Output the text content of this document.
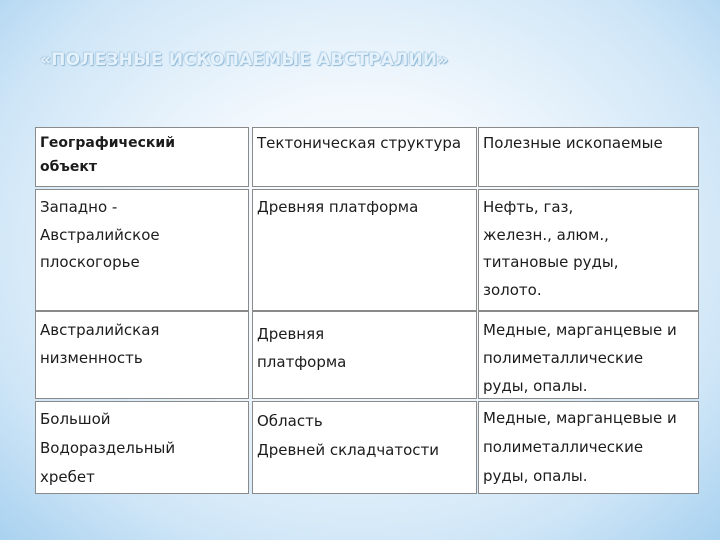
«ПОЛЕЗНЫЕ ИСКОПАЕМЫЕ АВСТРАЛИИ»
Географический
объект
Тектоническая структура	Полезные ископаемые
Западно -
Австралийское
плоскогорье
Древняя платформа	Нефть, газ,
железн., алюм.,
титановые руды,
золото.
Австралийская
низменность
Древняя
платформа
Медные, марганцевые и
полиметаллические
руды, опалы.
Большой
Водораздельный
хребет
Область
Древней складчатости
Медные, марганцевые и
полиметаллические
руды, опалы.
